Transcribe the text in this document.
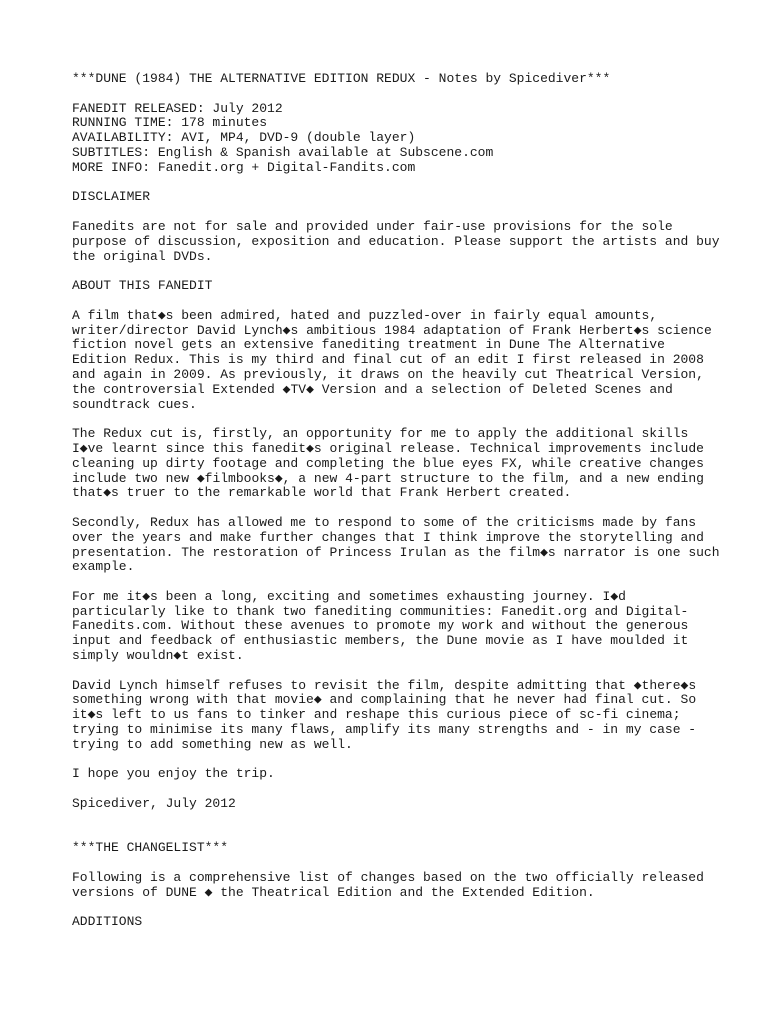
***DUNE (1984) THE ALTERNATIVE EDITION REDUX - Notes by Spicediver***
FANEDIT RELEASED: July 2012
RUNNING TIME: 178 minutes
AVAILABILITY: AVI, MP4, DVD-9 (double layer)
SUBTITLES: English & Spanish available at Subscene.com
MORE INFO: Fanedit.org + Digital-Fandits.com
DISCLAIMER
Fanedits are not for sale and provided under fair-use provisions for the sole
purpose of discussion, exposition and education. Please support the artists and buy
the original DVDs.
ABOUT THIS FANEDIT
A film that◆s been admired, hated and puzzled-over in fairly equal amounts,
writer/director David Lynch◆s ambitious 1984 adaptation of Frank Herbert◆s science
fiction novel gets an extensive fanediting treatment in Dune The Alternative
Edition Redux. This is my third and final cut of an edit I first released in 2008
and again in 2009. As previously, it draws on the heavily cut Theatrical Version,
the controversial Extended ◆TV◆ Version and a selection of Deleted Scenes and
soundtrack cues.
The Redux cut is, firstly, an opportunity for me to apply the additional skills
I◆ve learnt since this fanedit◆s original release. Technical improvements include
cleaning up dirty footage and completing the blue eyes FX, while creative changes
include two new ◆filmbooks◆, a new 4-part structure to the film, and a new ending
that◆s truer to the remarkable world that Frank Herbert created.
Secondly, Redux has allowed me to respond to some of the criticisms made by fans
over the years and make further changes that I think improve the storytelling and
presentation. The restoration of Princess Irulan as the film◆s narrator is one such
example.
For me it◆s been a long, exciting and sometimes exhausting journey. I◆d
particularly like to thank two fanediting communities: Fanedit.org and Digital-
Fanedits.com. Without these avenues to promote my work and without the generous
input and feedback of enthusiastic members, the Dune movie as I have moulded it
simply wouldn◆t exist.
David Lynch himself refuses to revisit the film, despite admitting that ◆there◆s
something wrong with that movie◆ and complaining that he never had final cut. So
it◆s left to us fans to tinker and reshape this curious piece of sc-fi cinema;
trying to minimise its many flaws, amplify its many strengths and - in my case -
trying to add something new as well.
I hope you enjoy the trip.
Spicediver, July 2012
***THE CHANGELIST***
Following is a comprehensive list of changes based on the two officially released
versions of DUNE ◆ the Theatrical Edition and the Extended Edition.
ADDITIONS
